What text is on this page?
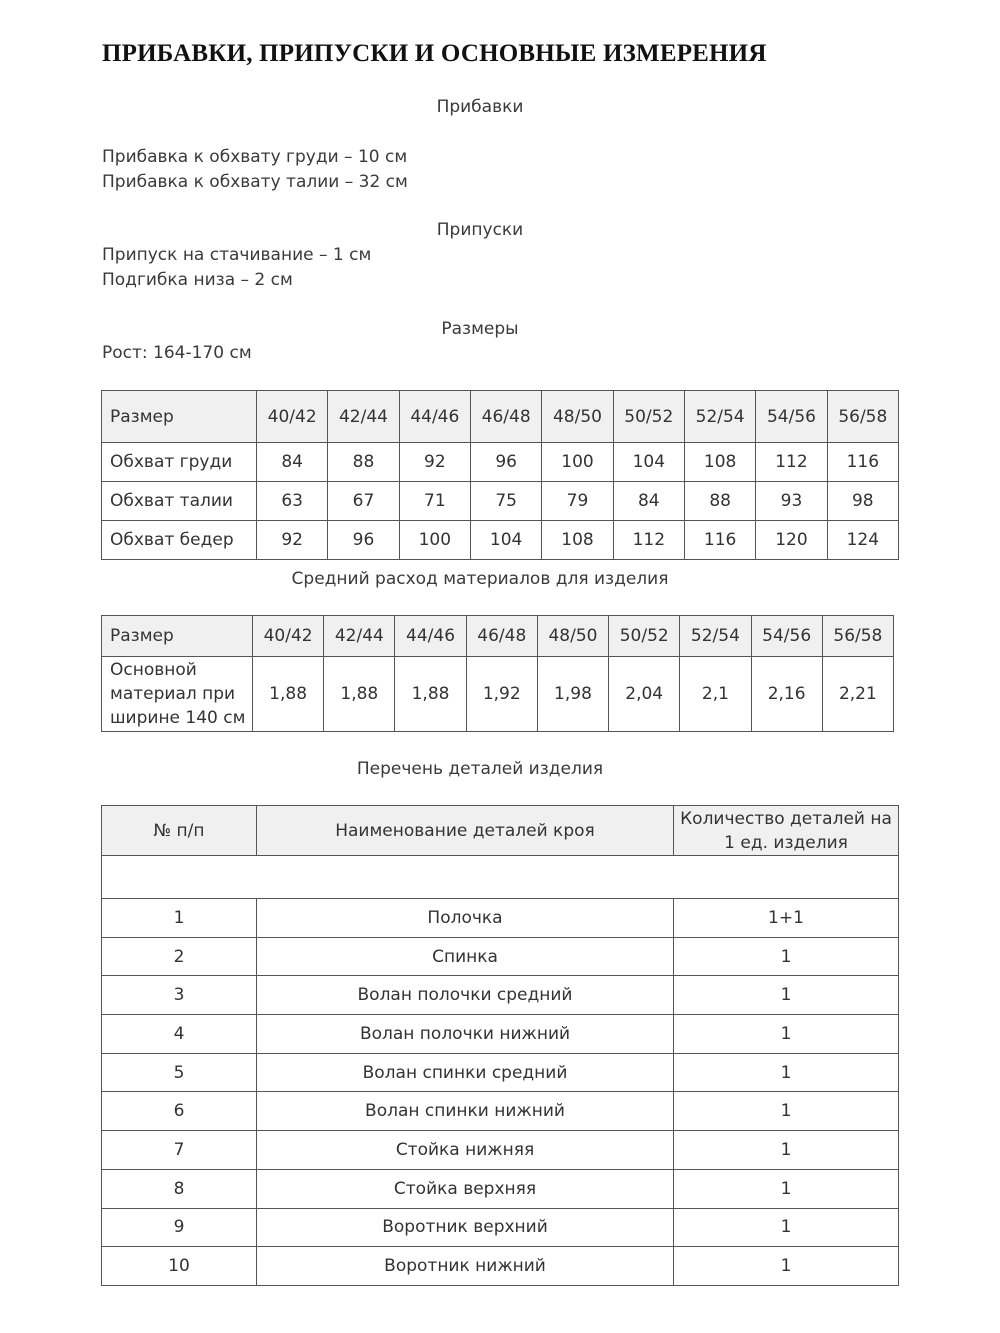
ПРИБАВКИ, ПРИПУСКИ И ОСНОВНЫЕ ИЗМЕРЕНИЯ
Прибавки
Прибавка к обхвату груди – 10 см
Прибавка к обхвату талии – 32 см
Припуски
Припуск на стачивание – 1 см
Подгибка низа – 2 см
Размеры
Рост: 164-170 см
Размер	40/42	42/44	44/46	46/48	48/50	50/52	52/54	54/56	56/58
Обхват груди	84	88	92	96	100	104	108	112	116
Обхват талии	63	67	71	75	79	84	88	93	98
Обхват бедер	92	96	100	104	108	112	116	120	124
Средний расход материалов для изделия
Размер	40/42	42/44	44/46	46/48	48/50	50/52	52/54	54/56	56/58

Основной
материал при
ширине 140 см	1,88	1,88	1,88	1,92	1,98	2,04	2,1	2,16	2,21
Перечень деталей изделия
№ п/п	Наименование деталей кроя	Количество деталей на
1 ед. изделия

1	Полочка	1+1
2	Спинка	1
3	Волан полочки средний	1
4	Волан полочки нижний	1
5	Волан спинки средний	1
6	Волан спинки нижний	1
7	Стойка нижняя	1
8	Стойка верхняя	1
9	Воротник верхний	1
10	Воротник нижний	1
